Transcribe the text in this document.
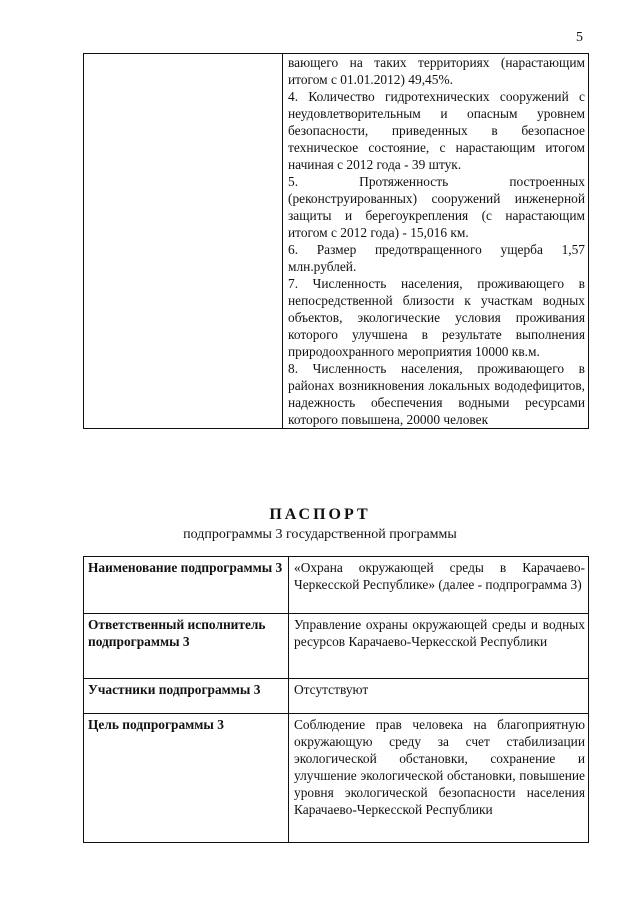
5

вающего на таких территориях (нарастающим итогом с 01.01.2012) 49,45%.

4. Количество гидротехнических сооружений с неудовлетворительным и опасным уровнем безопасности, приведенных в безопасное техническое состояние, с нарастающим итогом начиная с 2012 года - 39 штук.

5. Протяженность построенных (реконструированных) сооружений инженерной защиты и берегоукрепления (с нарастающим итогом с 2012 года) - 15,016 км.

6. Размер предотвращенного ущерба 1,57 млн.рублей.

7. Численность населения, проживающего в непосредственной близости к участкам водных объектов, экологические условия проживания которого улучшена в результате выполнения природоохранного мероприятия 10000 кв.м.

8. Численность населения, проживающего в районах возникновения локальных вододефицитов, надежность обеспечения водными ресурсами которого повышена, 20000 человек

ПАСПОРТ
подпрограммы 3 государственной программы
Наименование подпрограммы 3	«Охрана окружающей среды в Карачаево-Черкесской Республике» (далее - подпрограмма 3)
Ответственный исполнитель подпрограммы 3	Управление охраны окружающей среды и водных ресурсов Карачаево-Черкесской Республики
Участники подпрограммы 3	Отсутствуют
Цель подпрограммы 3	Соблюдение прав человека на благоприятную окружающую среду за счет стабилизации экологической обстановки, сохранение и улучшение экологической обстановки, повышение уровня экологической безопасности населения Карачаево-Черкесской Республики
